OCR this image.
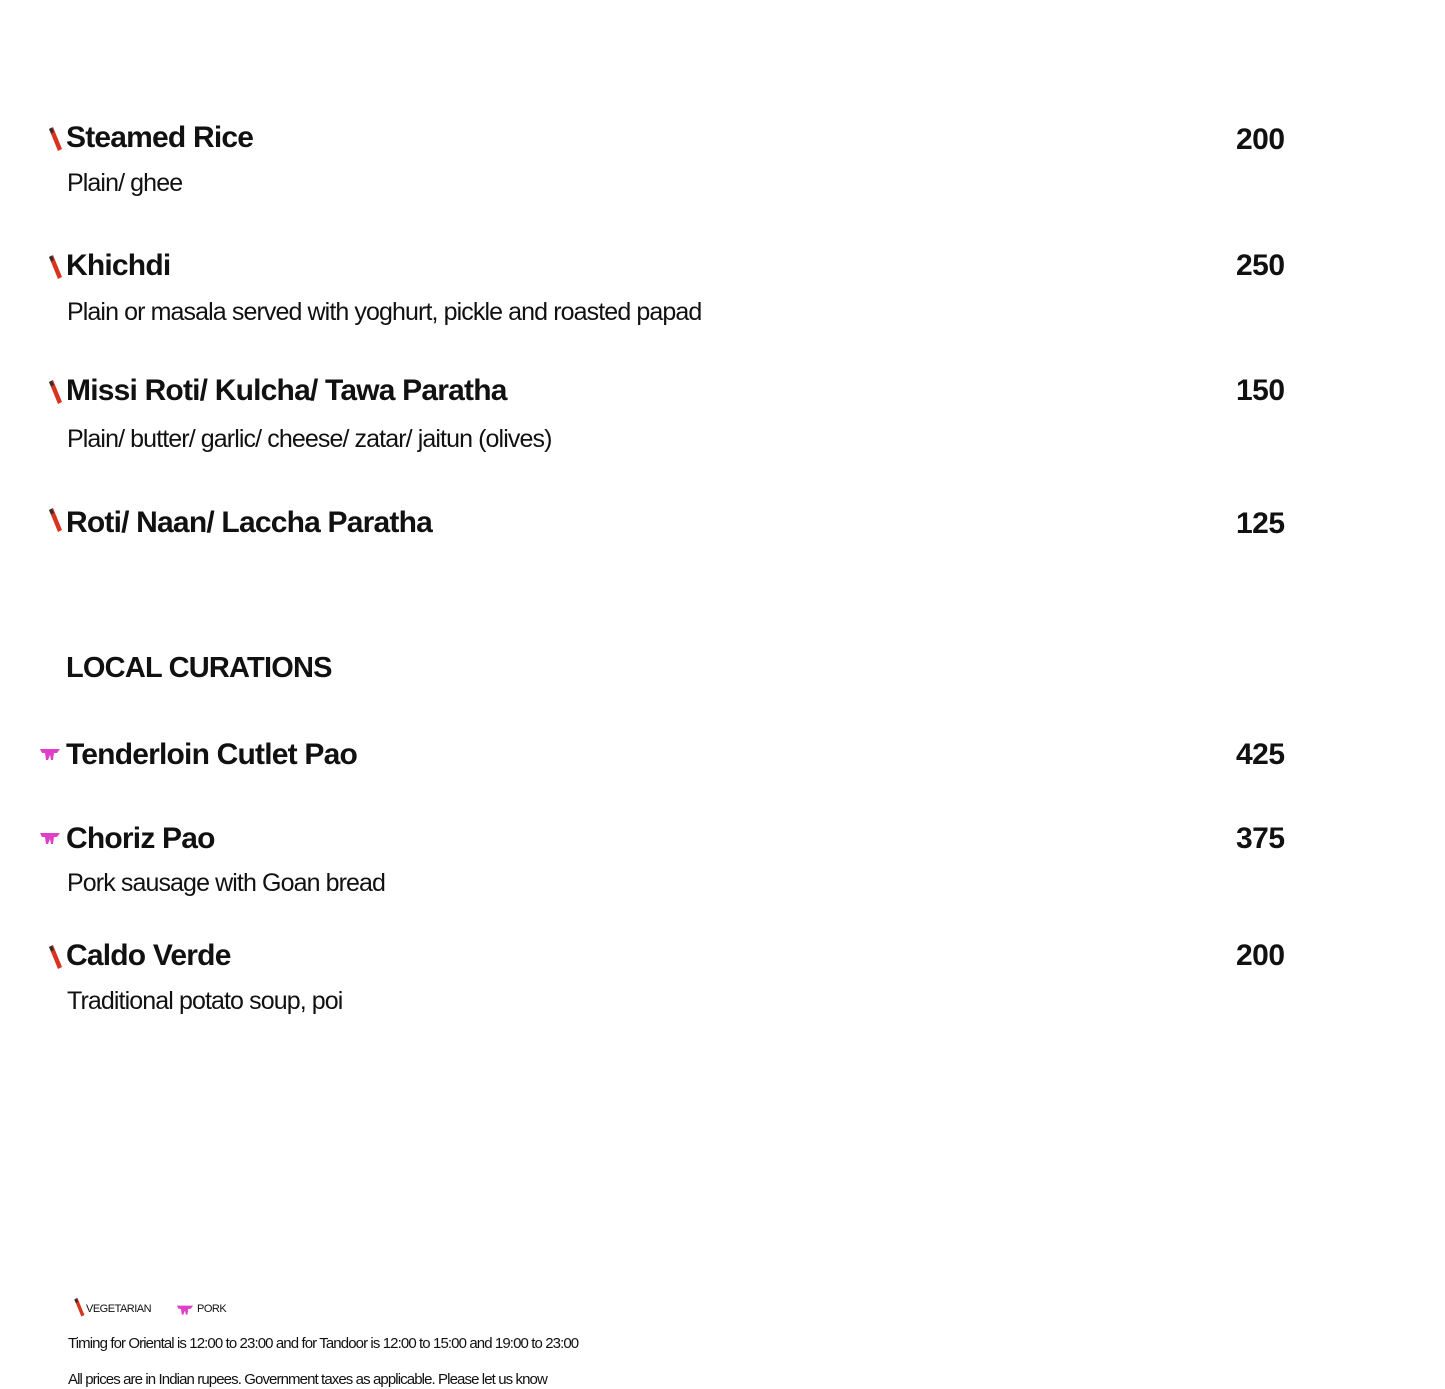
Steamed Rice	200
Plain/ ghee
Khichdi	250
Plain or masala served with yoghurt, pickle and roasted papad
Missi Roti/ Kulcha/ Tawa Paratha	150
Plain/ butter/ garlic/ cheese/ zatar/ jaitun (olives)
Roti/ Naan/ Laccha Paratha	125
LOCAL CURATIONS
Tenderloin Cutlet Pao	425
Choriz Pao	375
Pork sausage with Goan bread
Caldo Verde	200
Traditional potato soup, poi
VEGETARIAN	PORK
Timing for Oriental is 12:00 to 23:00 and for Tandoor is 12:00 to 15:00 and 19:00 to 23:00
All prices are in Indian rupees. Government taxes as applicable. Please let us know
